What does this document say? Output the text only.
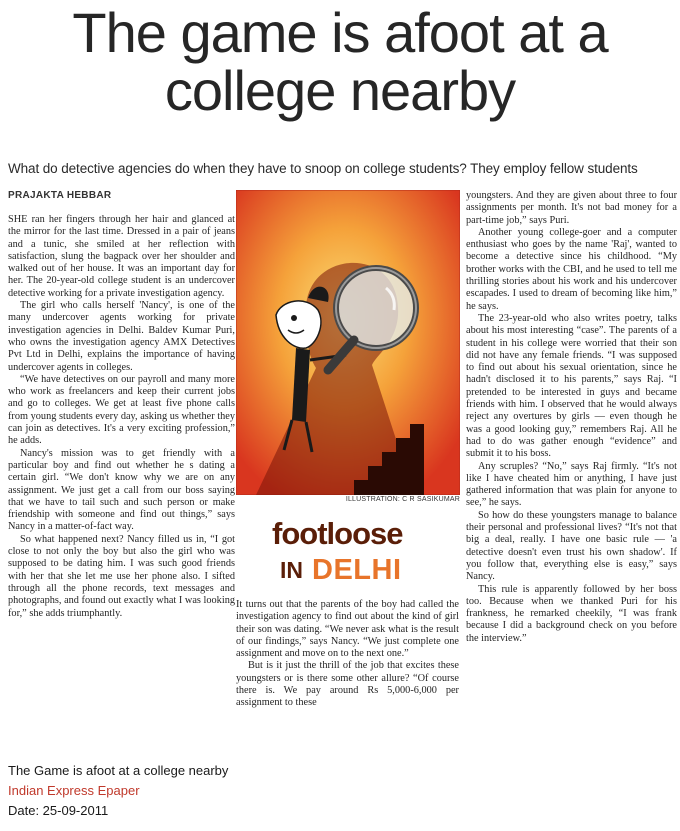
The game is afoot at a
college nearby
What do detective agencies do when they have to snoop on college students? They employ fellow students
PRAJAKTA HEBBAR

SHE ran her fingers through her hair and glanced at the mirror for the last time. Dressed in a pair of jeans and a tunic, she smiled at her reflection with satisfaction, slung the bagpack over her shoulder and walked out of her house. It was an important day for her. The 20-year-old college student is an undercover detective working for a private investigation agency.

The girl who calls herself 'Nancy', is one of the many undercover agents working for private investigation agencies in Delhi. Baldev Kumar Puri, who owns the investigation agency AMX Detectives Pvt Ltd in Delhi, explains the importance of having undercover agents in colleges.

“We have detectives on our payroll and many more who work as freelancers and keep their current jobs and go to colleges. We get at least five phone calls from young students every day, asking us whether they can join as detectives. It's a very exciting profession,” he adds.

Nancy's mission was to get friendly with a particular boy and find out whether he s dating a certain girl. “We don't know why we are on any assignment. We just get a call from our boss saying that we have to tail such and such person or make friendship with someone and find out things,” says Nancy in a matter-of-fact way.

So what happened next? Nancy filled us in, “I got close to not only the boy but also the girl who was supposed to be dating him. I was such good friends with her that she let me use her phone also. I sifted through all the phone records, text messages and photographs, and found out exactly what I was looking for,” she adds triumphantly.

ILLUSTRATION: C R SASIKUMAR
footloose
IN DELHI

It turns out that the parents of the boy had called the investigation agency to find out about the kind of girl their son was dating. “We never ask what is the result of our findings,” says Nancy. “We just complete one assignment and move on to the next one.”

But is it just the thrill of the job that excites these youngsters or is there some other allure? “Of course there is. We pay around Rs 5,000-6,000 per assignment to these

youngsters. And they are given about three to four assignments per month. It's not bad money for a part-time job,” says Puri.

Another young college-goer and a computer enthusiast who goes by the name 'Raj', wanted to become a detective since his childhood. “My brother works with the CBI, and he used to tell me thrilling stories about his work and his undercover escapades. I used to dream of becoming like him,” he says.

The 23-year-old who also writes poetry, talks about his most interesting “case”. The parents of a student in his college were worried that their son did not have any female friends. “I was supposed to find out about his sexual orientation, since he hadn't disclosed it to his parents,” says Raj. “I pretended to be interested in guys and became friends with him. I observed that he would always reject any overtures by girls — even though he was a good looking guy,” remembers Raj. All he had to do was gather enough “evidence” and submit it to his boss.

Any scruples? “No,” says Raj firmly. “It's not like I have cheated him or anything, I have just gathered information that was plain for anyone to see,” he says.

So how do these youngsters manage to balance their personal and professional lives? “It's not that big a deal, really. I have one basic rule — 'a detective doesn't even trust his own shadow'. If you follow that, everything else is easy,” says Nancy.

This rule is apparently followed by her boss too. Because when we thanked Puri for his frankness, he remarked cheekily, “I was frank because I did a background check on you before the interview.”

The Game is afoot at a college nearby
Indian Express Epaper
Date: 25-09-2011
